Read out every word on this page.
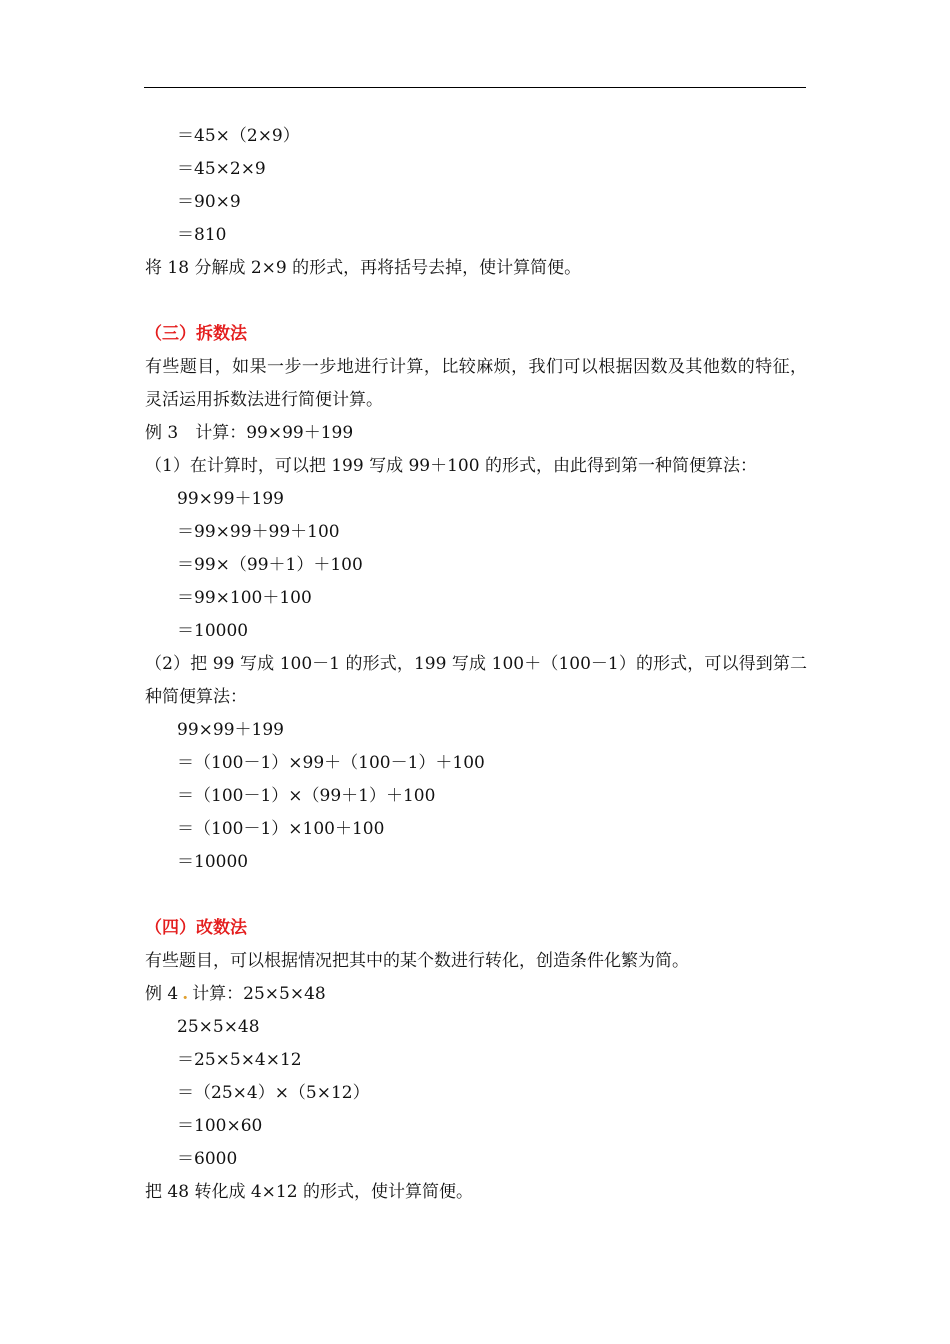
＝45×（2×9）
＝45×2×9
＝90×9
＝810
将 18 分解成 2×9 的形式，再将括号去掉，使计算简便。
（三）拆数法
有些题目，如果一步一步地进行计算，比较麻烦，我们可以根据因数及其他数的特征，灵活运用拆数法进行简便计算。
例 3　计算：99×99＋199
（1）在计算时，可以把 199 写成 99＋100 的形式，由此得到第一种简便算法：
99×99＋199
＝99×99＋99＋100
＝99×（99＋1）＋100
＝99×100＋100
＝10000
（2）把 99 写成 100－1 的形式，199 写成 100＋（100－1）的形式，可以得到第二种简便算法：
99×99＋199
＝（100－1）×99＋（100－1）＋100
＝（100－1）×（99＋1）＋100
＝（100－1）×100＋100
＝10000
（四）改数法
有些题目，可以根据情况把其中的某个数进行转化，创造条件化繁为简。
例 4 . 计算：25×5×48
25×5×48
＝25×5×4×12
＝（25×4）×（5×12）
＝100×60
＝6000
把 48 转化成 4×12 的形式，使计算简便。
